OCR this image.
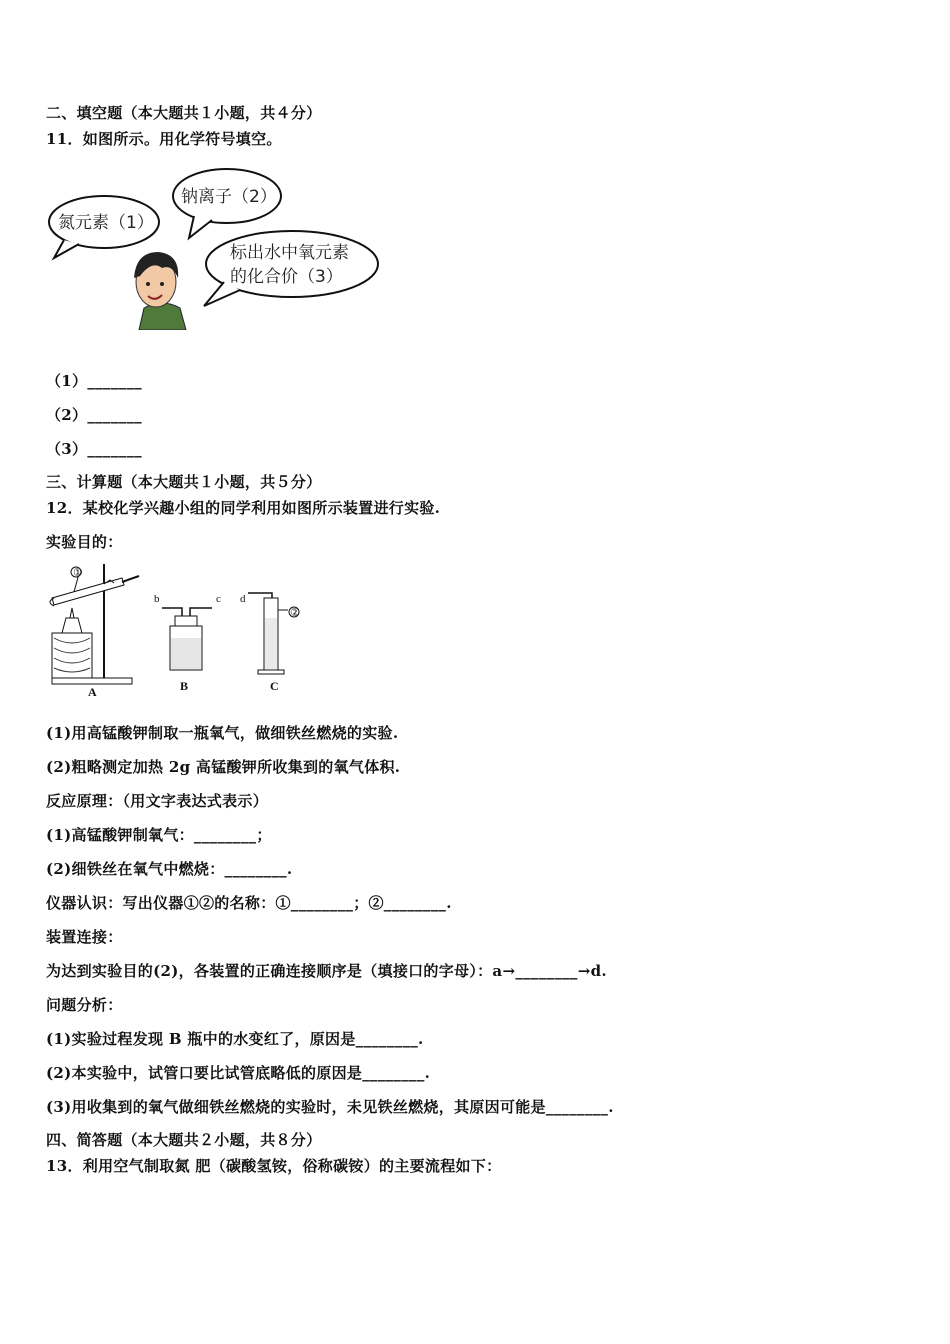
二、填空题（本大题共１小题，共４分）
11．如图所示。用化学符号填空。
氮元素（1）
钠离子（2）
标出水中氧元素
的化合价（3）
（1）_______
（2）_______
（3）_______
三、计算题（本大题共１小题，共５分）
12．某校化学兴趣小组的同学利用如图所示装置进行实验.
实验目的：
①
A
b	c
B
d
②
C
(1)用高锰酸钾制取一瓶氧气，做细铁丝燃烧的实验.
(2)粗略测定加热 2g 高锰酸钾所收集到的氧气体积.
反应原理：（用文字表达式表示）
(1)高锰酸钾制氧气：________；
(2)细铁丝在氧气中燃烧：________.
仪器认识：写出仪器①②的名称：①________；②________.
装置连接：
为达到实验目的(2)，各装置的正确连接顺序是（填接口的字母）：a→________→d.
问题分析：
(1)实验过程发现 B 瓶中的水变红了，原因是________.
(2)本实验中，试管口要比试管底略低的原因是________.
(3)用收集到的氧气做细铁丝燃烧的实验时，未见铁丝燃烧，其原因可能是________.
四、简答题（本大题共２小题，共８分）
13．利用空气制取氮 肥（碳酸氢铵，俗称碳铵）的主要流程如下：
